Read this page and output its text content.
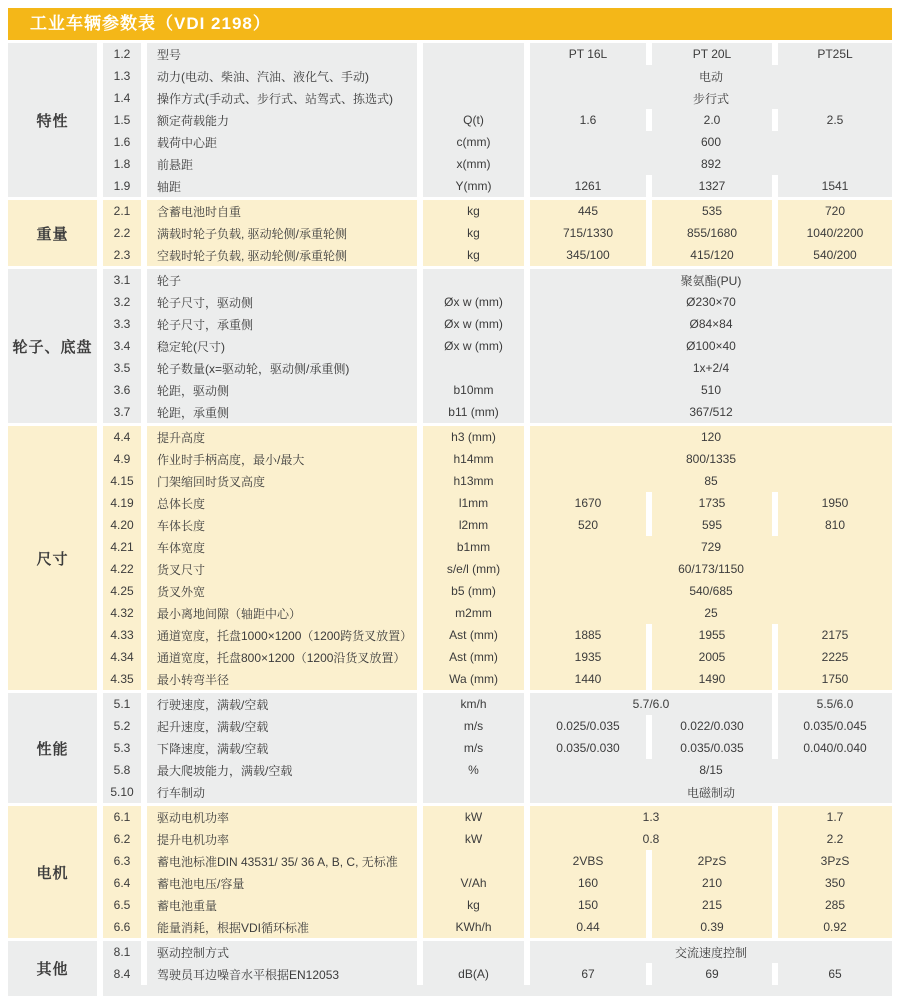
工业车辆参数表（VDI 2198）
特性	1.2	型号		PT 16L	PT 20L	PT25L
	1.3	动力(电动、柴油、汽油、液化气、手动)		电动		
	1.4	操作方式(手动式、步行式、站驾式、拣选式)		步行式		
	1.5	额定荷载能力	Q(t)	1.6	2.0	2.5
	1.6	载荷中心距	c(mm)	600		
	1.8	前悬距	x(mm)	892		
	1.9	轴距	Y(mm)	1261	1327	1541
重量	2.1	含蓄电池时自重	kg	445	535	720
	2.2	满载时轮子负载, 驱动轮侧/承重轮侧	kg	715/1330	855/1680	1040/2200
	2.3	空载时轮子负载, 驱动轮侧/承重轮侧	kg	345/100	415/120	540/200
轮子、底盘	3.1	轮子		聚氨酯(PU)
	3.2	轮子尺寸，驱动侧	Øx w (mm)	Ø230×70
	3.3	轮子尺寸，承重侧	Øx w (mm)	Ø84×84
	3.4	稳定轮(尺寸)	Øx w (mm)	Ø100×40
	3.5	轮子数量(x=驱动轮，驱动侧/承重侧)		1x+2/4
	3.6	轮距，驱动侧	b10mm	510
	3.7	轮距，承重侧	b11 (mm)	367/512
尺寸	4.4	提升高度	h3 (mm)	120		
	4.9	作业时手柄高度，最小/最大	h14mm	800/1335		
	4.15	门架缩回时货叉高度	h13mm	85		
	4.19	总体长度	l1mm	1670	1735	1950
	4.20	车体长度	l2mm	520	595	810
	4.21	车体宽度	b1mm	729		
	4.22	货叉尺寸	s/e/l (mm)	60/173/1150		
	4.25	货叉外宽	b5 (mm)	540/685		
	4.32	最小离地间隙（轴距中心）	m2mm	25		
	4.33	通道宽度，托盘1000×1200（1200跨货叉放置）	Ast (mm)	1885	1955	2175
	4.34	通道宽度，托盘800×1200（1200沿货叉放置）	Ast (mm)	1935	2005	2225
	4.35	最小转弯半径	Wa (mm)	1440	1490	1750
性能	5.1	行驶速度，满载/空载	km/h	5.7/6.0		5.5/6.0
	5.2	起升速度，满载/空载	m/s	0.025/0.035	0.022/0.030	0.035/0.045
	5.3	下降速度，满载/空载	m/s	0.035/0.030	0.035/0.035	0.040/0.040
	5.8	最大爬坡能力，满载/空载	%	8/15		
	5.10	行车制动		电磁制动		
电机	6.1	驱动电机功率	kW	1.3		1.7
	6.2	提升电机功率	kW	0.8		2.2
	6.3	蓄电池标准DIN 43531/ 35/ 36 A, B, C, 无标准		2VBS	2PzS	3PzS
	6.4	蓄电池电压/容量	V/Ah	160	210	350
	6.5	蓄电池重量	kg	150	215	285
	6.6	能量消耗，根据VDI循环标准	KWh/h	0.44	0.39	0.92
其他	8.1	驱动控制方式		交流速度控制		
	8.4	驾驶员耳边噪音水平根据EN12053	dB(A)	67	69	65
